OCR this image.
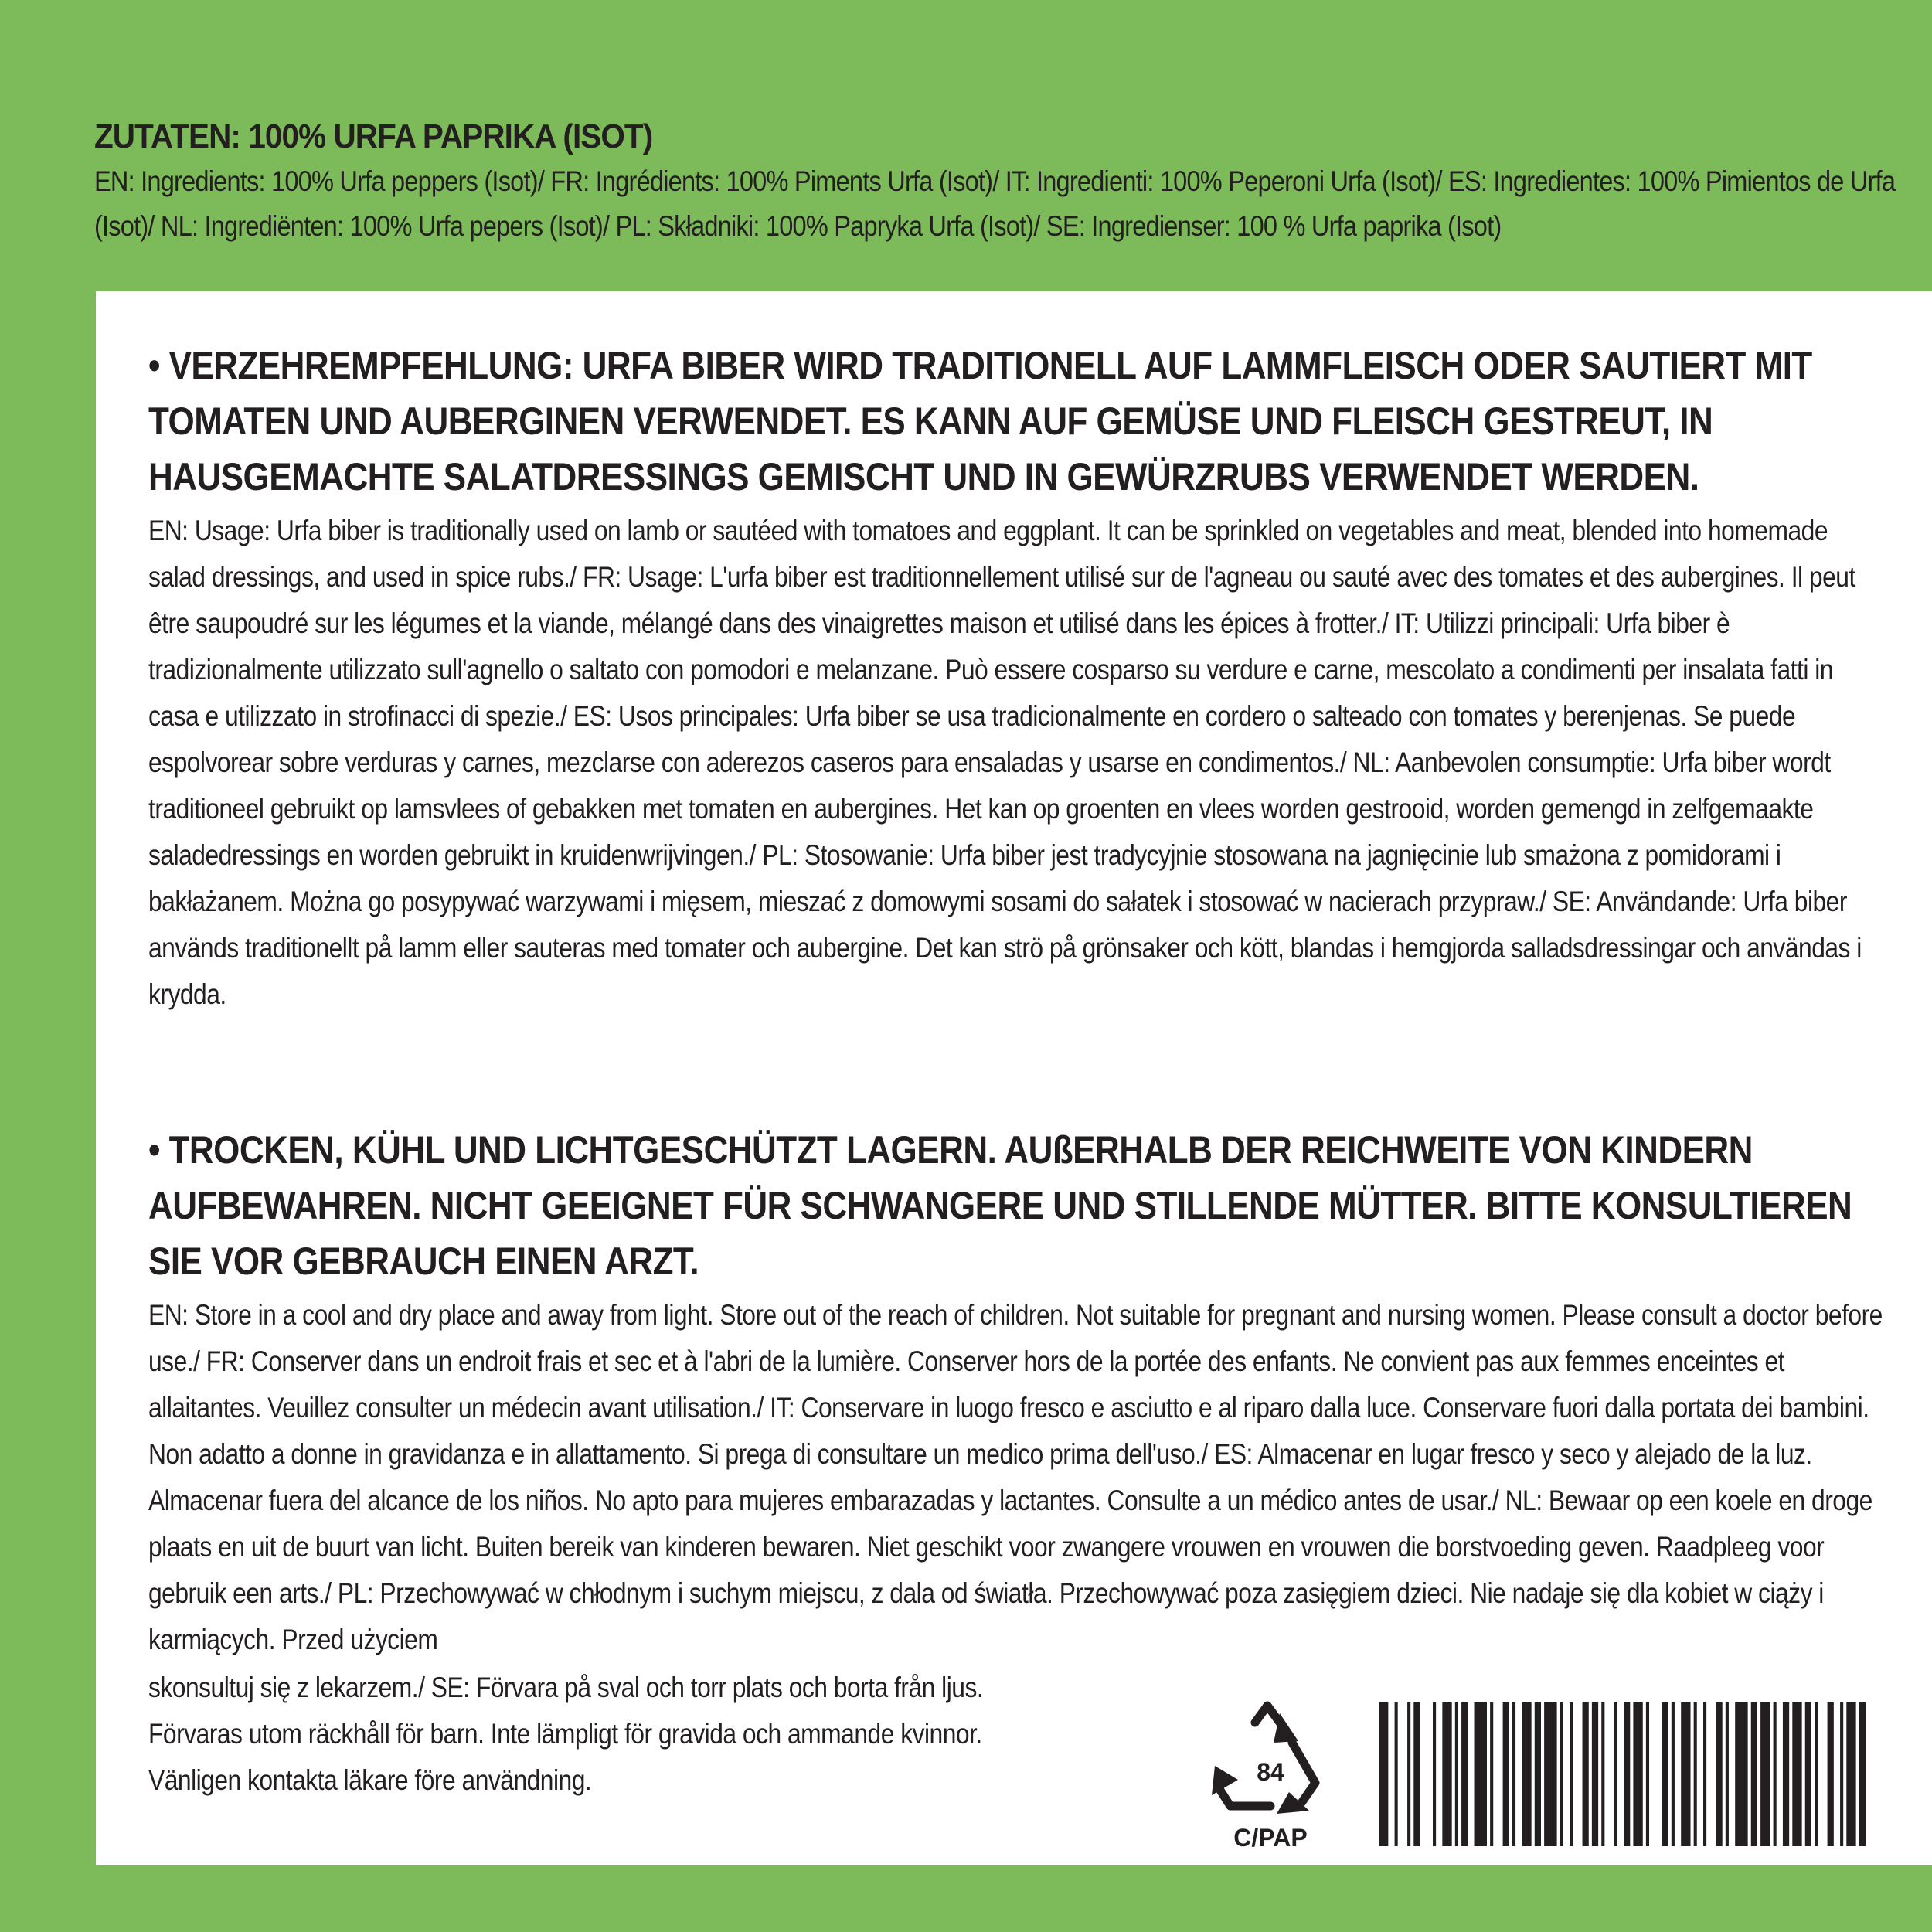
ZUTATEN: 100% URFA PAPRIKA (ISOT)
EN: Ingredients: 100% Urfa peppers (Isot)/ FR: Ingrédients: 100% Piments Urfa (Isot)/ IT: Ingredienti: 100% Peperoni Urfa (Isot)/ ES: Ingredientes: 100% Pimientos de Urfa (Isot)/ NL: Ingrediënten: 100% Urfa pepers (Isot)/ PL: Składniki: 100% Papryka Urfa (Isot)/ SE: Ingredienser: 100 % Urfa paprika (Isot)
• VERZEHREMPFEHLUNG: URFA BIBER WIRD TRADITIONELL AUF LAMMFLEISCH ODER SAUTIERT MIT TOMATEN UND AUBERGINEN VERWENDET. ES KANN AUF GEMÜSE UND FLEISCH GESTREUT, IN HAUSGEMACHTE SALATDRESSINGS GEMISCHT UND IN GEWÜRZRUBS VERWENDET WERDEN.
EN: Usage: Urfa biber is traditionally used on lamb or sautéed with tomatoes and eggplant. It can be sprinkled on vegetables and meat, blended into homemade salad dressings, and used in spice rubs./ FR: Usage: L'urfa biber est traditionnellement utilisé sur de l'agneau ou sauté avec des tomates et des aubergines. Il peut être saupoudré sur les légumes et la viande, mélangé dans des vinaigrettes maison et utilisé dans les épices à frotter./ IT: Utilizzi principali: Urfa biber è tradizionalmente utilizzato sull'agnello o saltato con pomodori e melanzane. Può essere cosparso su verdure e carne, mescolato a condimenti per insalata fatti in casa e utilizzato in strofinacci di spezie./ ES: Usos principales: Urfa biber se usa tradicionalmente en cordero o salteado con tomates y berenjenas. Se puede espolvorear sobre verduras y carnes, mezclarse con aderezos caseros para ensaladas y usarse en condimentos./ NL: Aanbevolen consumptie: Urfa biber wordt traditioneel gebruikt op lamsvlees of gebakken met tomaten en aubergines. Het kan op groenten en vlees worden gestrooid, worden gemengd in zelfgemaakte saladedressings en worden gebruikt in kruidenwrijvingen./ PL: Stosowanie: Urfa biber jest tradycyjnie stosowana na jagnięcinie lub smażona z pomidorami i bakłażanem. Można go posypywać warzywami i mięsem, mieszać z domowymi sosami do sałatek i stosować w nacierach przypraw./ SE: Användande: Urfa biber används traditionellt på lamm eller sauteras med tomater och aubergine. Det kan strö på grönsaker och kött, blandas i hemgjorda salladsdressingar och användas i krydda.
• TROCKEN, KÜHL UND LICHTGESCHÜTZT LAGERN. AUßERHALB DER REICHWEITE VON KINDERN AUFBEWAHREN. NICHT GEEIGNET FÜR SCHWANGERE UND STILLENDE MÜTTER. BITTE KONSULTIEREN SIE VOR GEBRAUCH EINEN ARZT.
EN: Store in a cool and dry place and away from light. Store out of the reach of children. Not suitable for pregnant and nursing women. Please consult a doctor before use./ FR: Conserver dans un endroit frais et sec et à l'abri de la lumière. Conserver hors de la portée des enfants. Ne convient pas aux femmes enceintes et allaitantes. Veuillez consulter un médecin avant utilisation./ IT: Conservare in luogo fresco e asciutto e al riparo dalla luce. Conservare fuori dalla portata dei bambini. Non adatto a donne in gravidanza e in allattamento. Si prega di consultare un medico prima dell'uso./ ES: Almacenar en lugar fresco y seco y alejado de la luz. Almacenar fuera del alcance de los niños. No apto para mujeres embarazadas y lactantes. Consulte a un médico antes de usar./ NL: Bewaar op een koele en droge plaats en uit de buurt van licht. Buiten bereik van kinderen bewaren. Niet geschikt voor zwangere vrouwen en vrouwen die borstvoeding geven. Raadpleeg voor gebruik een arts./ PL: Przechowywać w chłodnym i suchym miejscu, z dala od światła. Przechowywać poza zasięgiem dzieci. Nie nadaje się dla kobiet w ciąży i karmiących. Przed użyciem
skonsultuj się z lekarzem./ SE: Förvara på sval och torr plats och borta från ljus.
Förvaras utom räckhåll för barn. Inte lämpligt för gravida och ammande kvinnor.
Vänligen kontakta läkare före användning.	84
C/PAP
